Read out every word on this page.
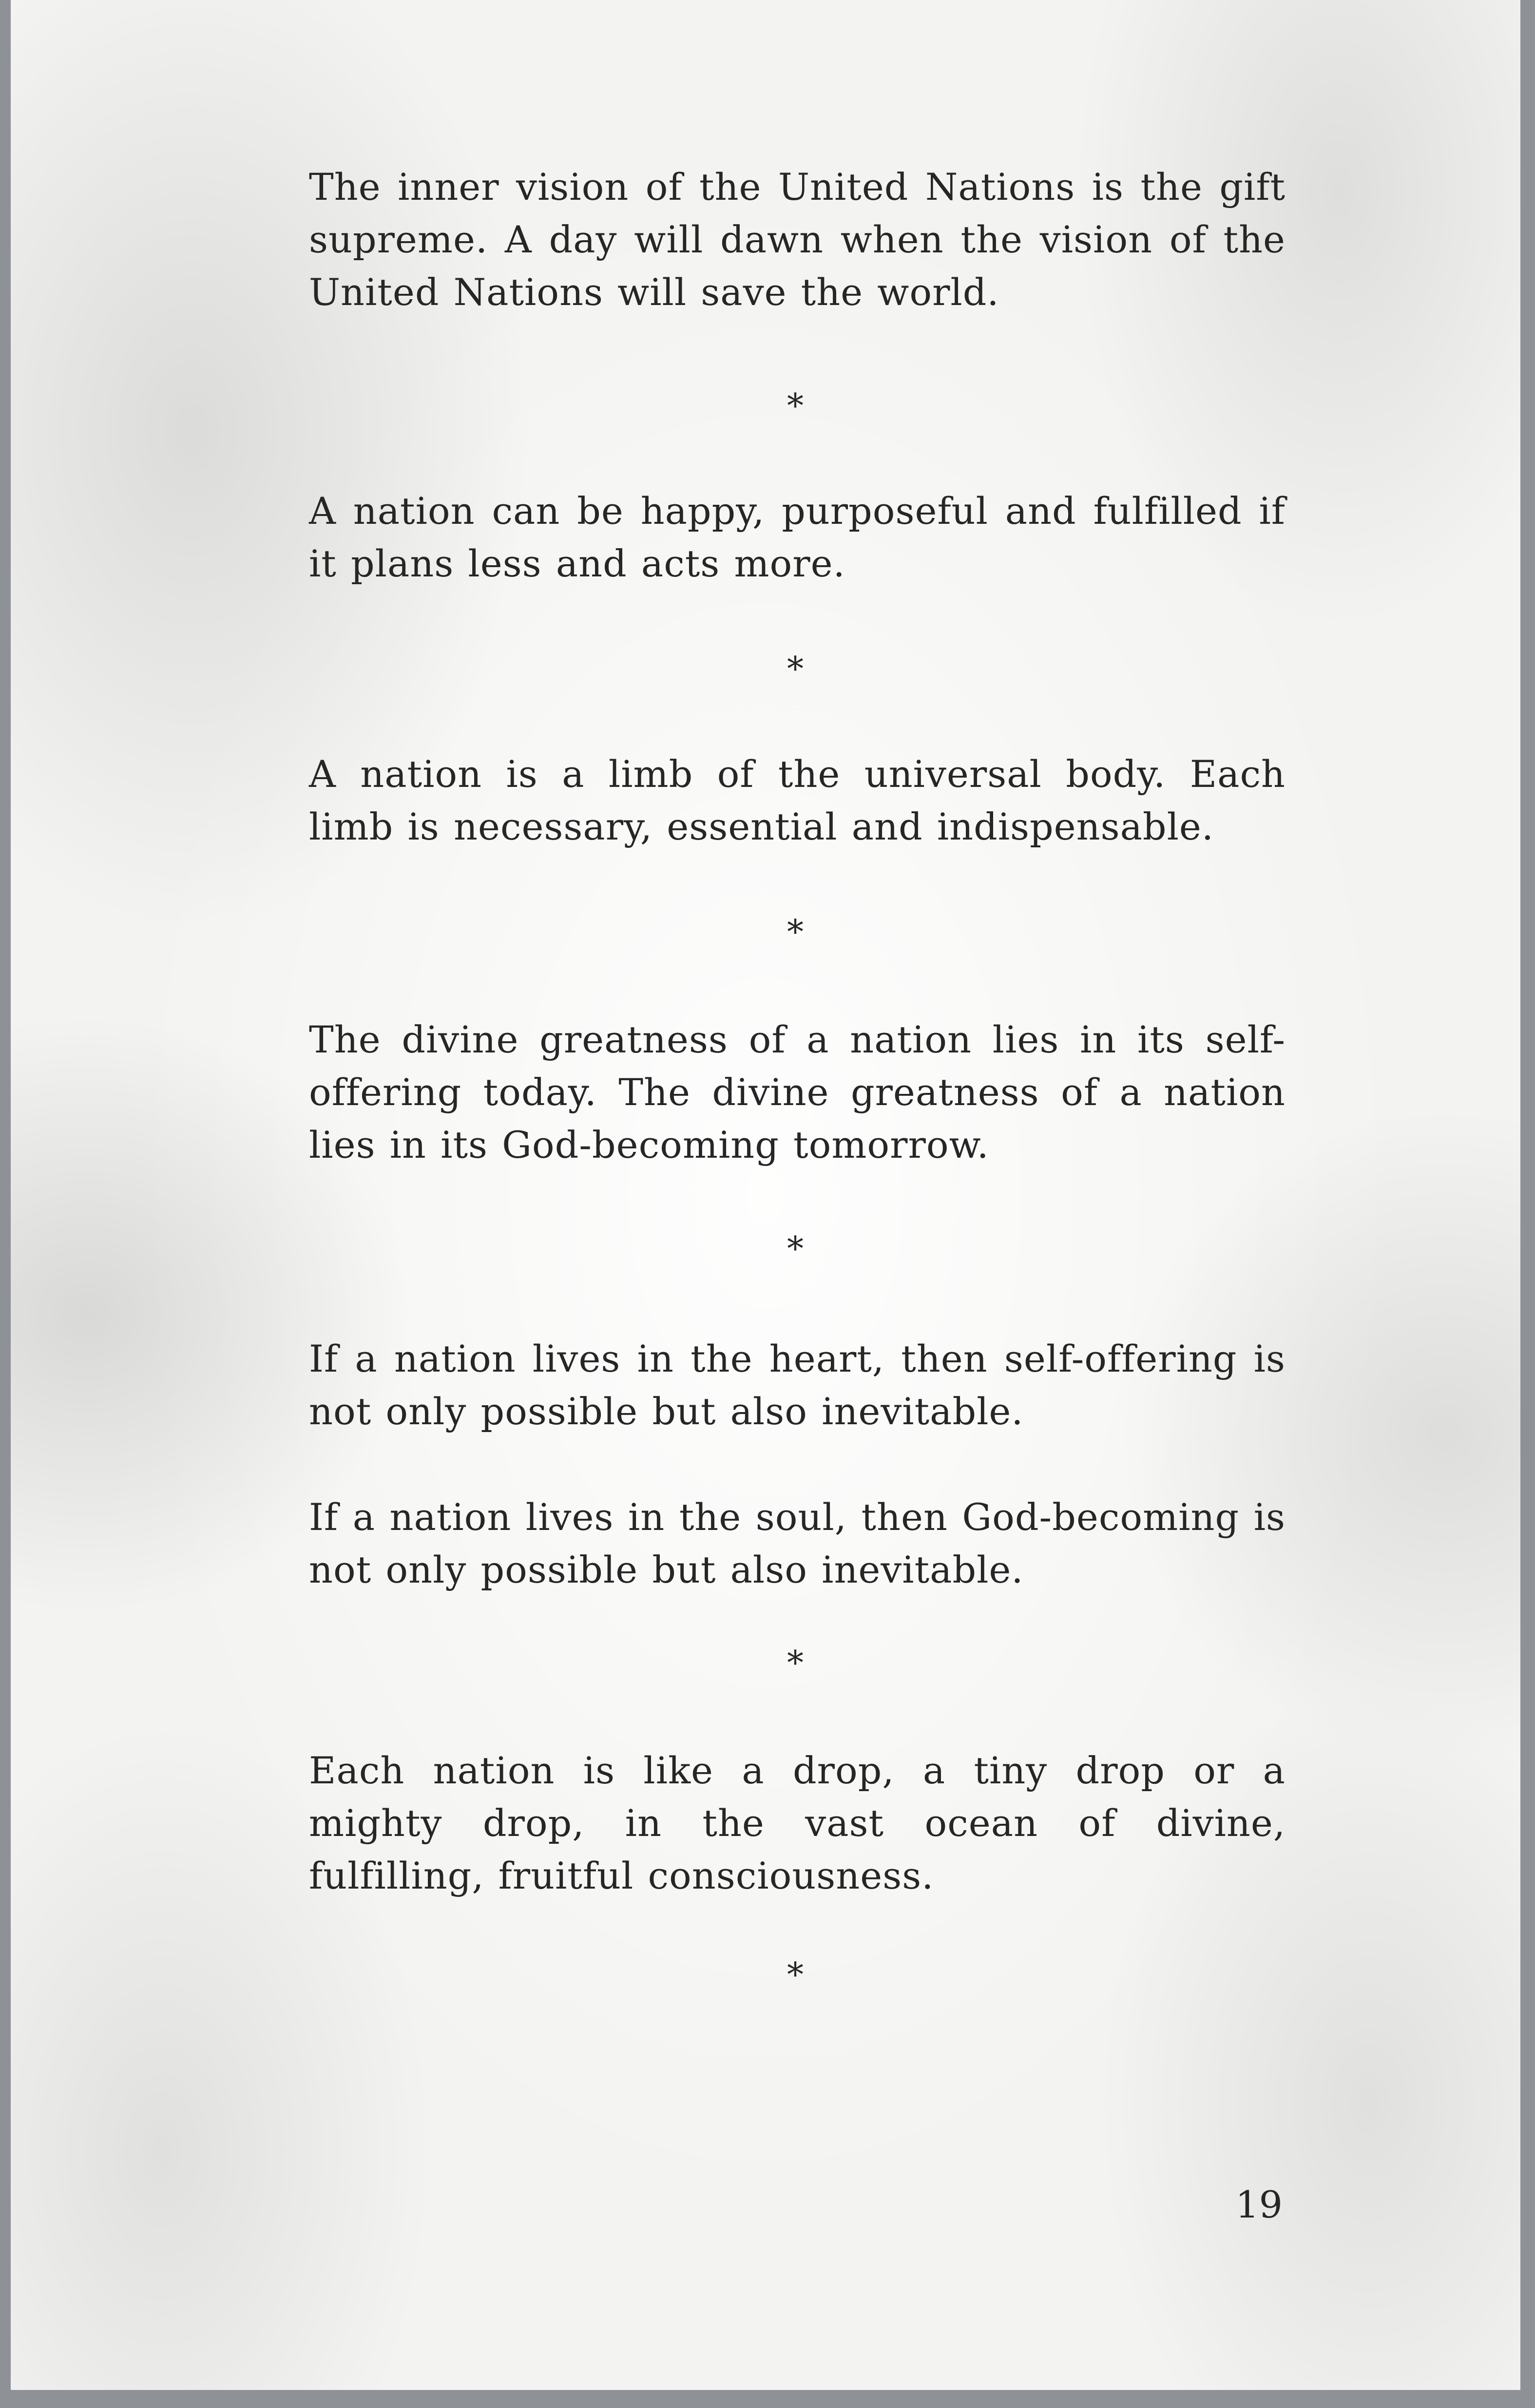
The inner vision of the United Nations is the gift supreme. A day will dawn when the vision of the United Nations will save the world.

*

A nation can be happy, purposeful and fulfilled if it plans less and acts more.

*

A nation is a limb of the universal body. Each limb is necessary, essential and indispensable.

*

The divine greatness of a nation lies in its self-offering today. The divine greatness of a nation lies in its God-becoming tomorrow.

*

If a nation lives in the heart, then self-offering is not only possible but also inevitable.

If a nation lives in the soul, then God-becoming is not only possible but also inevitable.

*

Each nation is like a drop, a tiny drop or a mighty drop, in the vast ocean of divine, fulfilling, fruitful consciousness.

*
19
